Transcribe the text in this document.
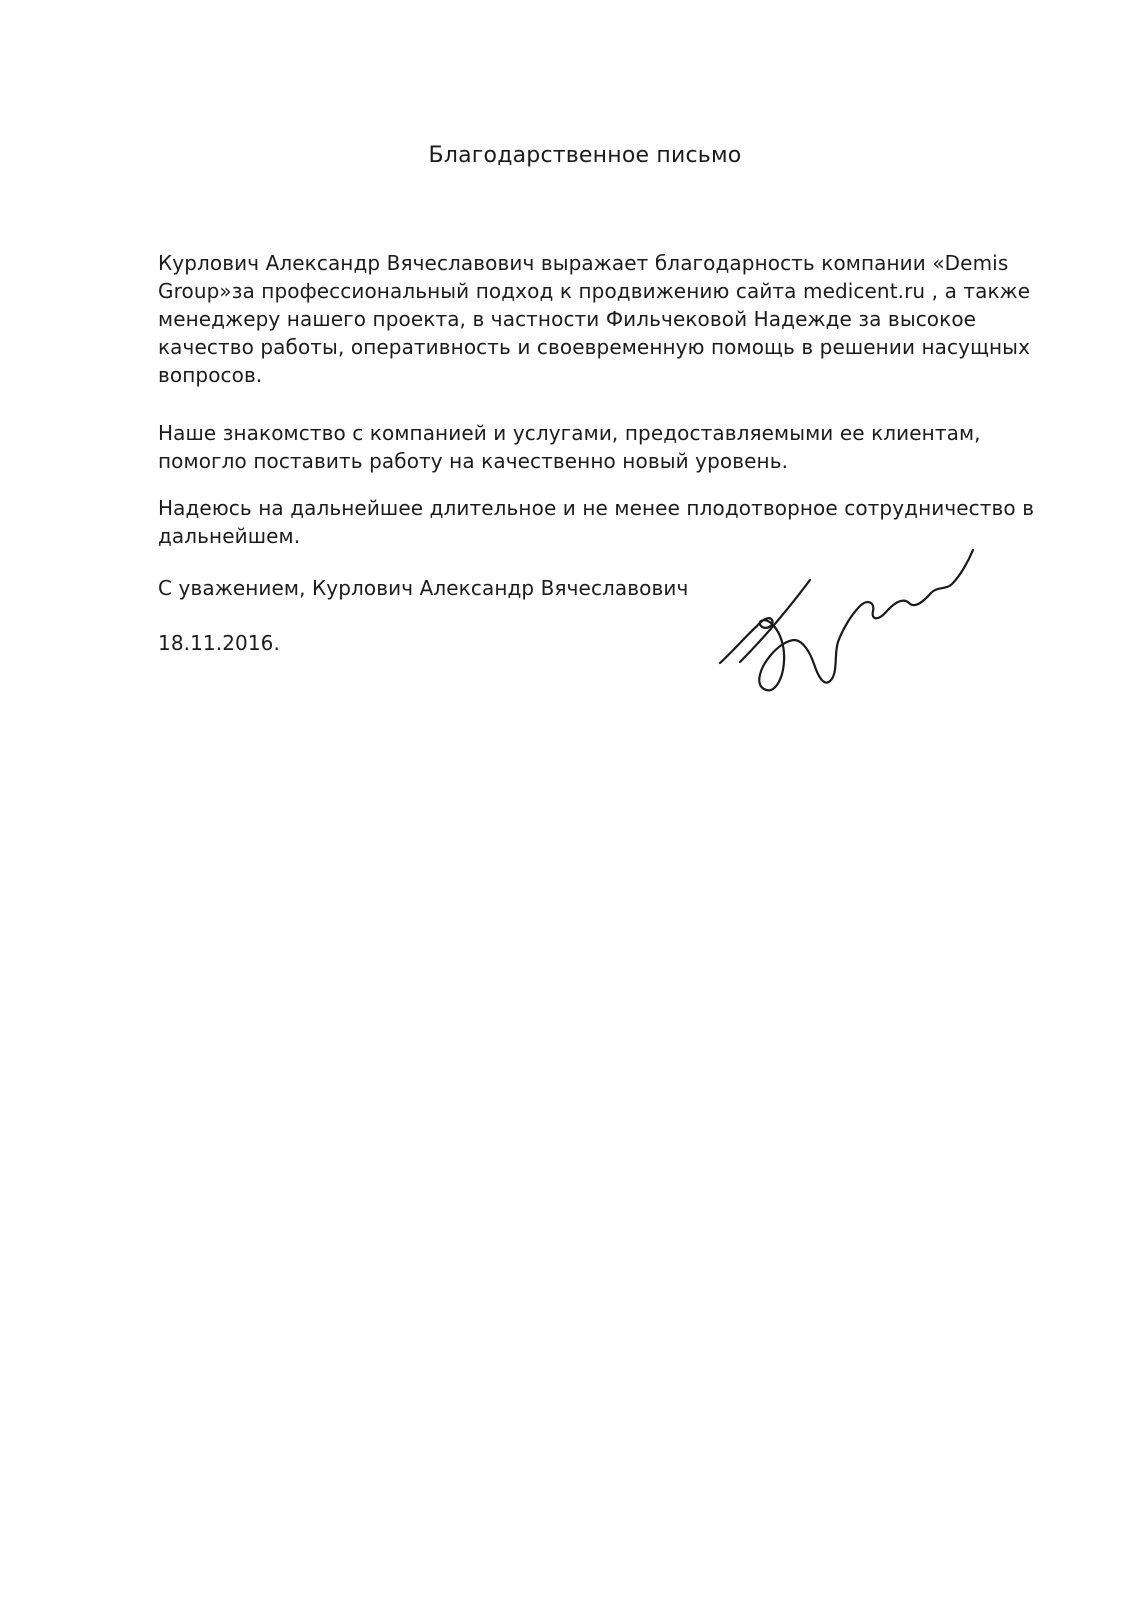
Благодарственное письмо
Курлович Александр Вячеславович выражает благодарность компании «Demis
Group»за профессиональный подход к продвижению сайта medicent.ru , а также
менеджеру нашего проекта, в частности Фильчековой Надежде за высокое
качество работы, оперативность и своевременную помощь в решении насущных
вопросов.
Наше знакомство с компанией и услугами, предоставляемыми ее клиентам,
помогло поставить работу на качественно новый уровень.
Надеюсь на дальнейшее длительное и не менее плодотворное сотрудничество в
дальнейшем.
С уважением, Курлович Александр Вячеславович
18.11.2016.
